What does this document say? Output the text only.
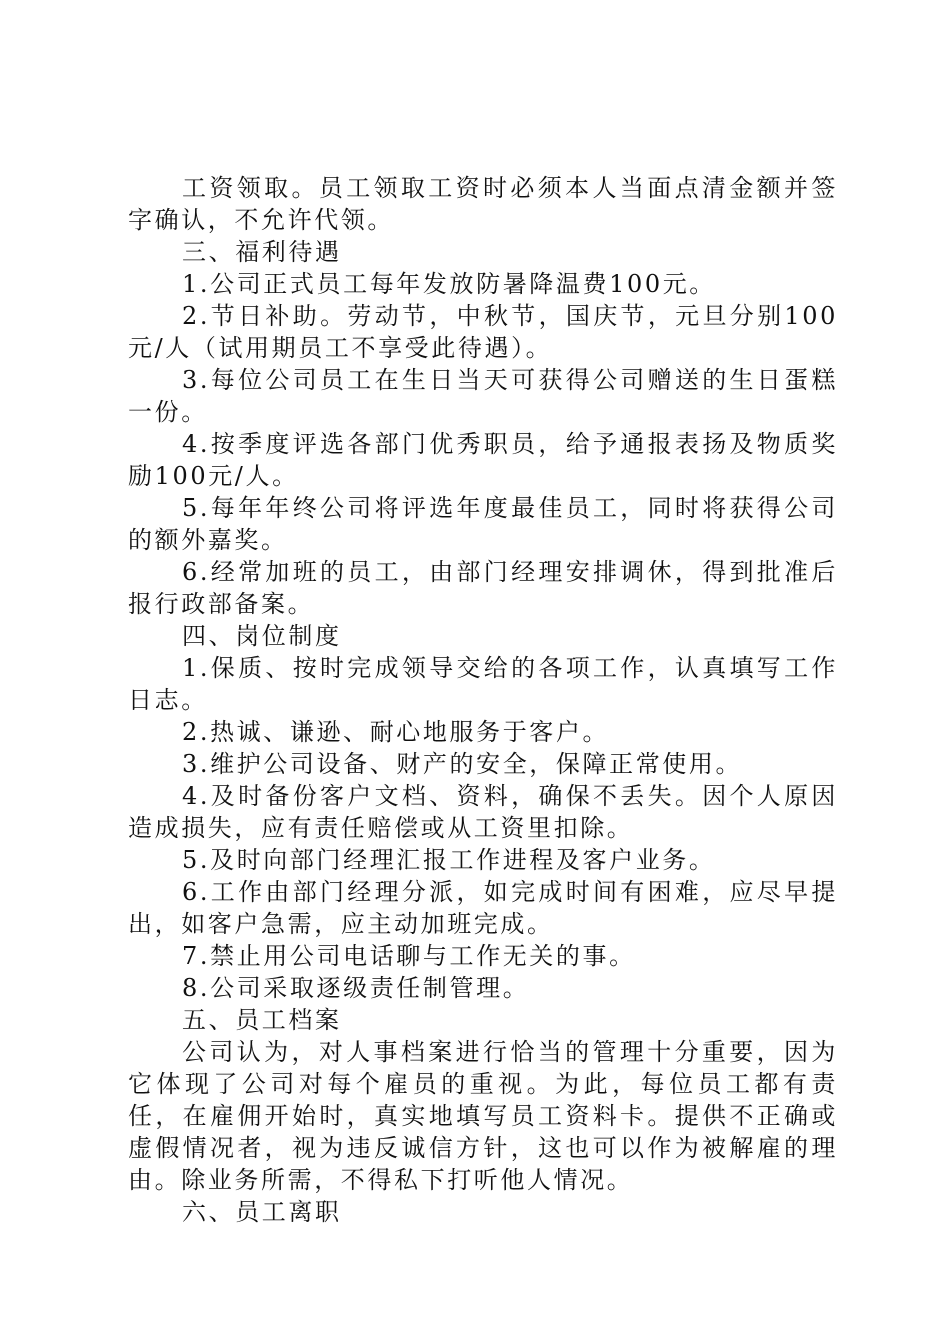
工资领取。员工领取工资时必须本人当面点清金额并签字确认，不允许代领。

三、福利待遇

1.公司正式员工每年发放防暑降温费100元。

2.节日补助。劳动节，中秋节，国庆节，元旦分别100元/人（试用期员工不享受此待遇）。

3.每位公司员工在生日当天可获得公司赠送的生日蛋糕一份。

4.按季度评选各部门优秀职员，给予通报表扬及物质奖励100元/人。

5.每年年终公司将评选年度最佳员工，同时将获得公司的额外嘉奖。

6.经常加班的员工，由部门经理安排调休，得到批准后报行政部备案。

四、岗位制度

1.保质、按时完成领导交给的各项工作，认真填写工作日志。

2.热诚、谦逊、耐心地服务于客户。

3.维护公司设备、财产的安全，保障正常使用。

4.及时备份客户文档、资料，确保不丢失。因个人原因造成损失，应有责任赔偿或从工资里扣除。

5.及时向部门经理汇报工作进程及客户业务。

6.工作由部门经理分派，如完成时间有困难，应尽早提出，如客户急需，应主动加班完成。

7.禁止用公司电话聊与工作无关的事。

8.公司采取逐级责任制管理。

五、员工档案

公司认为，对人事档案进行恰当的管理十分重要，因为它体现了公司对每个雇员的重视。为此，每位员工都有责任，在雇佣开始时，真实地填写员工资料卡。提供不正确或虚假情况者，视为违反诚信方针，这也可以作为被解雇的理由。除业务所需，不得私下打听他人情况。

六、员工离职
